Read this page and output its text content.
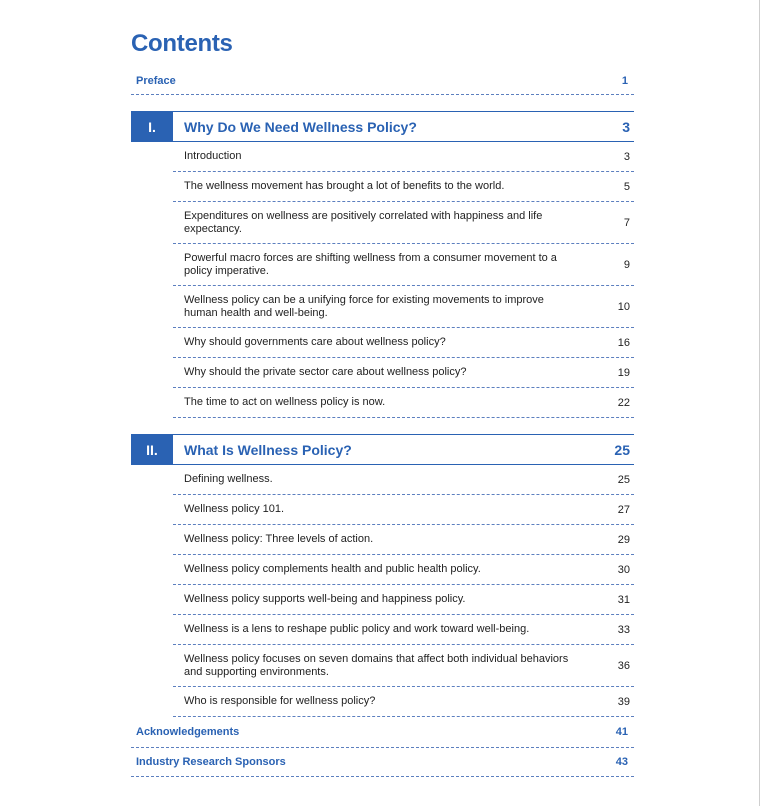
Contents
Preface	1
I.	Why Do We Need Wellness Policy?	3
Introduction	3
The wellness movement has brought a lot of benefits to the world.	5
Expenditures on wellness are positively correlated with happiness and life expectancy.	7
Powerful macro forces are shifting wellness from a consumer movement to a policy imperative.	9
Wellness policy can be a unifying force for existing movements to improve human health and well-being.	10
Why should governments care about wellness policy?	16
Why should the private sector care about wellness policy?	19
The time to act on wellness policy is now.	22
II.	What Is Wellness Policy?	25
Defining wellness.	25
Wellness policy 101.	27
Wellness policy: Three levels of action.	29
Wellness policy complements health and public health policy.	30
Wellness policy supports well-being and happiness policy.	31
Wellness is a lens to reshape public policy and work toward well-being.	33
Wellness policy focuses on seven domains that affect both individual behaviors and supporting environments.	36
Who is responsible for wellness policy?	39
Acknowledgements	41
Industry Research Sponsors	43
